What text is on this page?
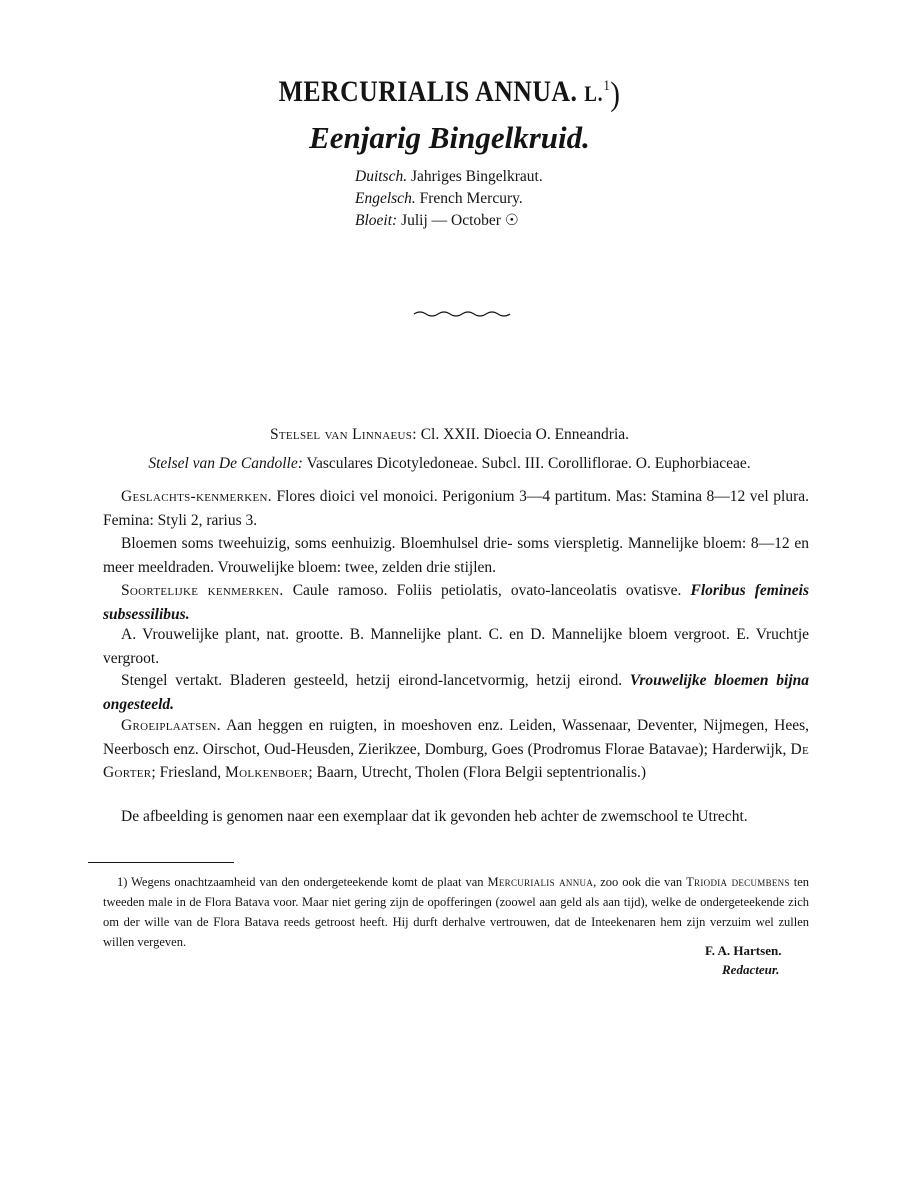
MERCURIALIS ANNUA. L.$^1$)
Eenjarig Bingelkruid.
Duitsch. Jahriges Bingelkraut.
Engelsch. French Mercury.
Bloeit: Julij — October ☉
Stelsel van Linnaeus: Cl. XXII. Dioecia O. Enneandria.
Stelsel van De Candolle: Vasculares Dicotyledoneae. Subcl. III. Corolliflorae. O. Euphorbiaceae.
Geslachts-kenmerken. Flores dioici vel monoici. Perigonium 3—4 partitum. Mas: Stamina 8—12 vel plura. Femina: Styli 2, rarius 3.
Bloemen soms tweehuizig, soms eenhuizig. Bloemhulsel drie- soms vierspletig. Mannelijke bloem: 8—12 en meer meeldraden. Vrouwelijke bloem: twee, zelden drie stijlen.
Soortelijke kenmerken. Caule ramoso. Foliis petiolatis, ovato-lanceolatis ovatisve. Floribus femineis subsessilibus.
A. Vrouwelijke plant, nat. grootte. B. Mannelijke plant. C. en D. Mannelijke bloem vergroot. E. Vruchtje vergroot.
Stengel vertakt. Bladeren gesteeld, hetzij eirond-lancetvormig, hetzij eirond. Vrouwelijke bloemen bijna ongesteeld.
Groeiplaatsen. Aan heggen en ruigten, in moeshoven enz. Leiden, Wassenaar, Deventer, Nijmegen, Hees, Neerbosch enz. Oirschot, Oud-Heusden, Zierikzee, Domburg, Goes (Prodromus Florae Batavae); Harderwijk, De Gorter; Friesland, Molkenboer; Baarn, Utrecht, Tholen (Flora Belgii septentrionalis.)
De afbeelding is genomen naar een exemplaar dat ik gevonden heb achter de zwemschool te Utrecht.
1) Wegens onachtzaamheid van den ondergeteekende komt de plaat van Mercurialis annua, zoo ook die van Triodia decumbens ten tweeden male in de Flora Batava voor. Maar niet gering zijn de opofferingen (zoowel aan geld als aan tijd), welke de ondergeteekende zich om der wille van de Flora Batava reeds getroost heeft. Hij durft derhalve vertrouwen, dat de Inteekenaren hem zijn verzuim wel zullen willen vergeven.
F. A. Hartsen.
Redacteur.
